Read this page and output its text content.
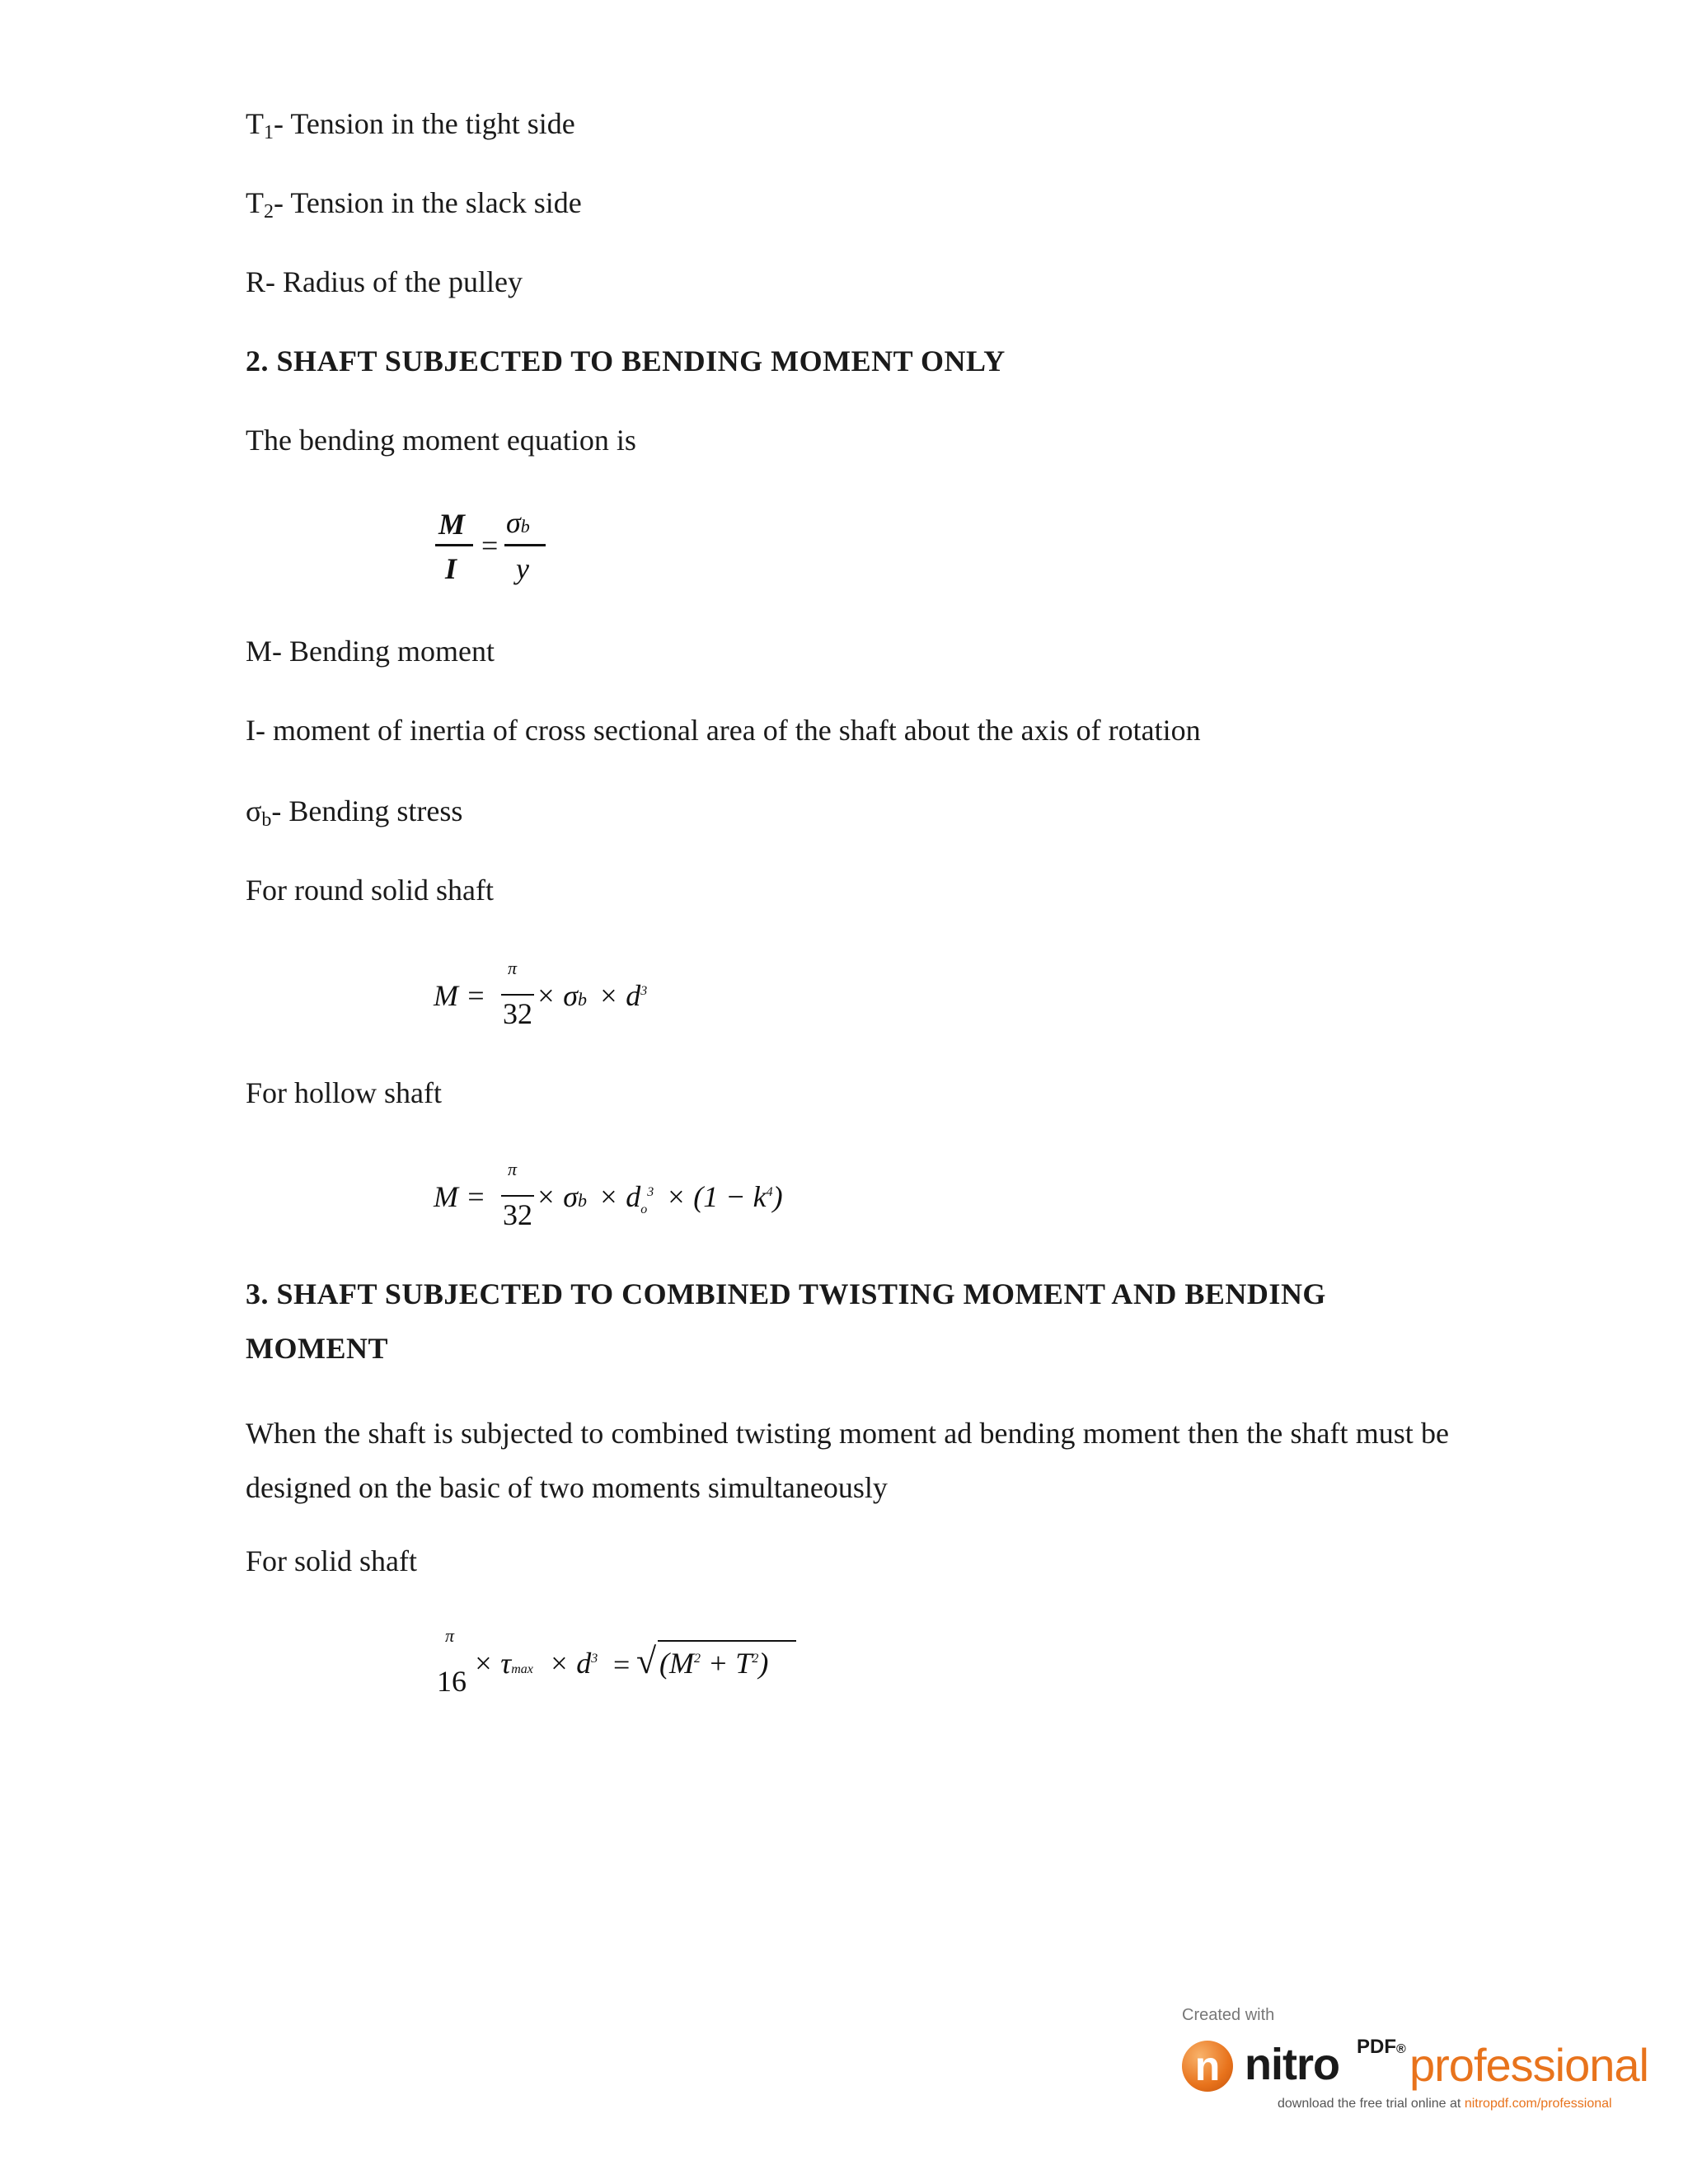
$T_1-$ Tension in the tight side
$T_2-$ Tension in the slack side
R- Radius of the pulley
2. SHAFT SUBJECTED TO BENDING MOMENT ONLY
The bending moment equation is
M
I
=
σb
y
M- Bending moment
I- moment of inertia of cross sectional area of the shaft about the axis of rotation
$\sigma_b-$ Bending stress
For round solid shaft
M =
π
32
× $\sigma b \times d^3$
For hollow shaft
M =
π
32
× $\sigma b \times d_o^3 \times (1 - k^4)$
3. SHAFT SUBJECTED TO COMBINED TWISTING MOMENT AND BENDING
MOMENT
When the shaft is subjected to combined twisting moment ad bending moment then the shaft must be designed on the basic of two moments simultaneously
For solid shaft
π
16
× $\tau\max \times d^3$ = √ $(M^2 + T^2)$
Created with
n nitro PDF® professional
download the free trial online at nitropdf.com/professional
